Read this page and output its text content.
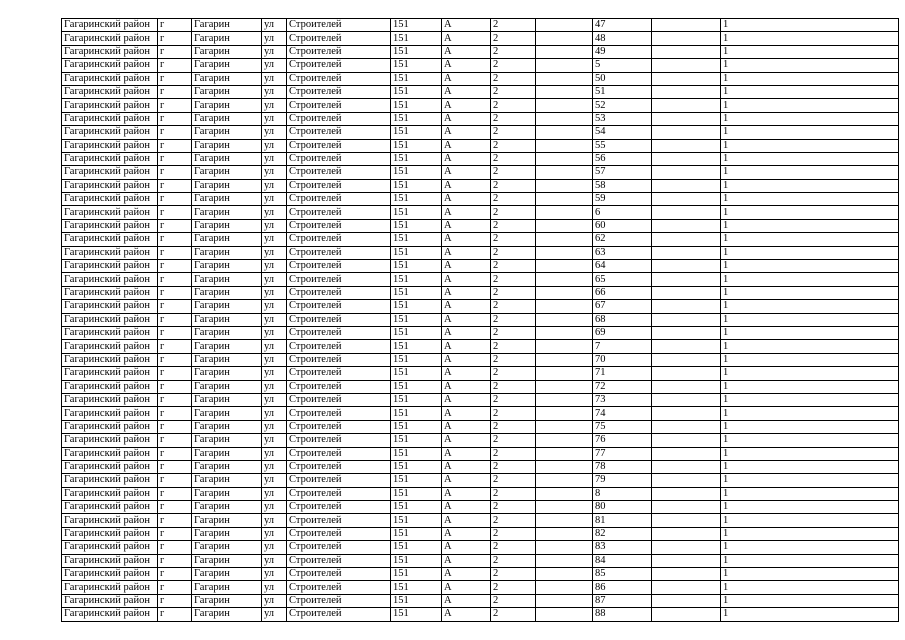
Гагаринский район	г	Гагарин	ул	Строителей	151	А	2		47		1
Гагаринский район	г	Гагарин	ул	Строителей	151	А	2		48		1
Гагаринский район	г	Гагарин	ул	Строителей	151	А	2		49		1
Гагаринский район	г	Гагарин	ул	Строителей	151	А	2		5		1
Гагаринский район	г	Гагарин	ул	Строителей	151	А	2		50		1
Гагаринский район	г	Гагарин	ул	Строителей	151	А	2		51		1
Гагаринский район	г	Гагарин	ул	Строителей	151	А	2		52		1
Гагаринский район	г	Гагарин	ул	Строителей	151	А	2		53		1
Гагаринский район	г	Гагарин	ул	Строителей	151	А	2		54		1
Гагаринский район	г	Гагарин	ул	Строителей	151	А	2		55		1
Гагаринский район	г	Гагарин	ул	Строителей	151	А	2		56		1
Гагаринский район	г	Гагарин	ул	Строителей	151	А	2		57		1
Гагаринский район	г	Гагарин	ул	Строителей	151	А	2		58		1
Гагаринский район	г	Гагарин	ул	Строителей	151	А	2		59		1
Гагаринский район	г	Гагарин	ул	Строителей	151	А	2		6		1
Гагаринский район	г	Гагарин	ул	Строителей	151	А	2		60		1
Гагаринский район	г	Гагарин	ул	Строителей	151	А	2		62		1
Гагаринский район	г	Гагарин	ул	Строителей	151	А	2		63		1
Гагаринский район	г	Гагарин	ул	Строителей	151	А	2		64		1
Гагаринский район	г	Гагарин	ул	Строителей	151	А	2		65		1
Гагаринский район	г	Гагарин	ул	Строителей	151	А	2		66		1
Гагаринский район	г	Гагарин	ул	Строителей	151	А	2		67		1
Гагаринский район	г	Гагарин	ул	Строителей	151	А	2		68		1
Гагаринский район	г	Гагарин	ул	Строителей	151	А	2		69		1
Гагаринский район	г	Гагарин	ул	Строителей	151	А	2		7		1
Гагаринский район	г	Гагарин	ул	Строителей	151	А	2		70		1
Гагаринский район	г	Гагарин	ул	Строителей	151	А	2		71		1
Гагаринский район	г	Гагарин	ул	Строителей	151	А	2		72		1
Гагаринский район	г	Гагарин	ул	Строителей	151	А	2		73		1
Гагаринский район	г	Гагарин	ул	Строителей	151	А	2		74		1
Гагаринский район	г	Гагарин	ул	Строителей	151	А	2		75		1
Гагаринский район	г	Гагарин	ул	Строителей	151	А	2		76		1
Гагаринский район	г	Гагарин	ул	Строителей	151	А	2		77		1
Гагаринский район	г	Гагарин	ул	Строителей	151	А	2		78		1
Гагаринский район	г	Гагарин	ул	Строителей	151	А	2		79		1
Гагаринский район	г	Гагарин	ул	Строителей	151	А	2		8		1
Гагаринский район	г	Гагарин	ул	Строителей	151	А	2		80		1
Гагаринский район	г	Гагарин	ул	Строителей	151	А	2		81		1
Гагаринский район	г	Гагарин	ул	Строителей	151	А	2		82		1
Гагаринский район	г	Гагарин	ул	Строителей	151	А	2		83		1
Гагаринский район	г	Гагарин	ул	Строителей	151	А	2		84		1
Гагаринский район	г	Гагарин	ул	Строителей	151	А	2		85		1
Гагаринский район	г	Гагарин	ул	Строителей	151	А	2		86		1
Гагаринский район	г	Гагарин	ул	Строителей	151	А	2		87		1
Гагаринский район	г	Гагарин	ул	Строителей	151	А	2		88		1
